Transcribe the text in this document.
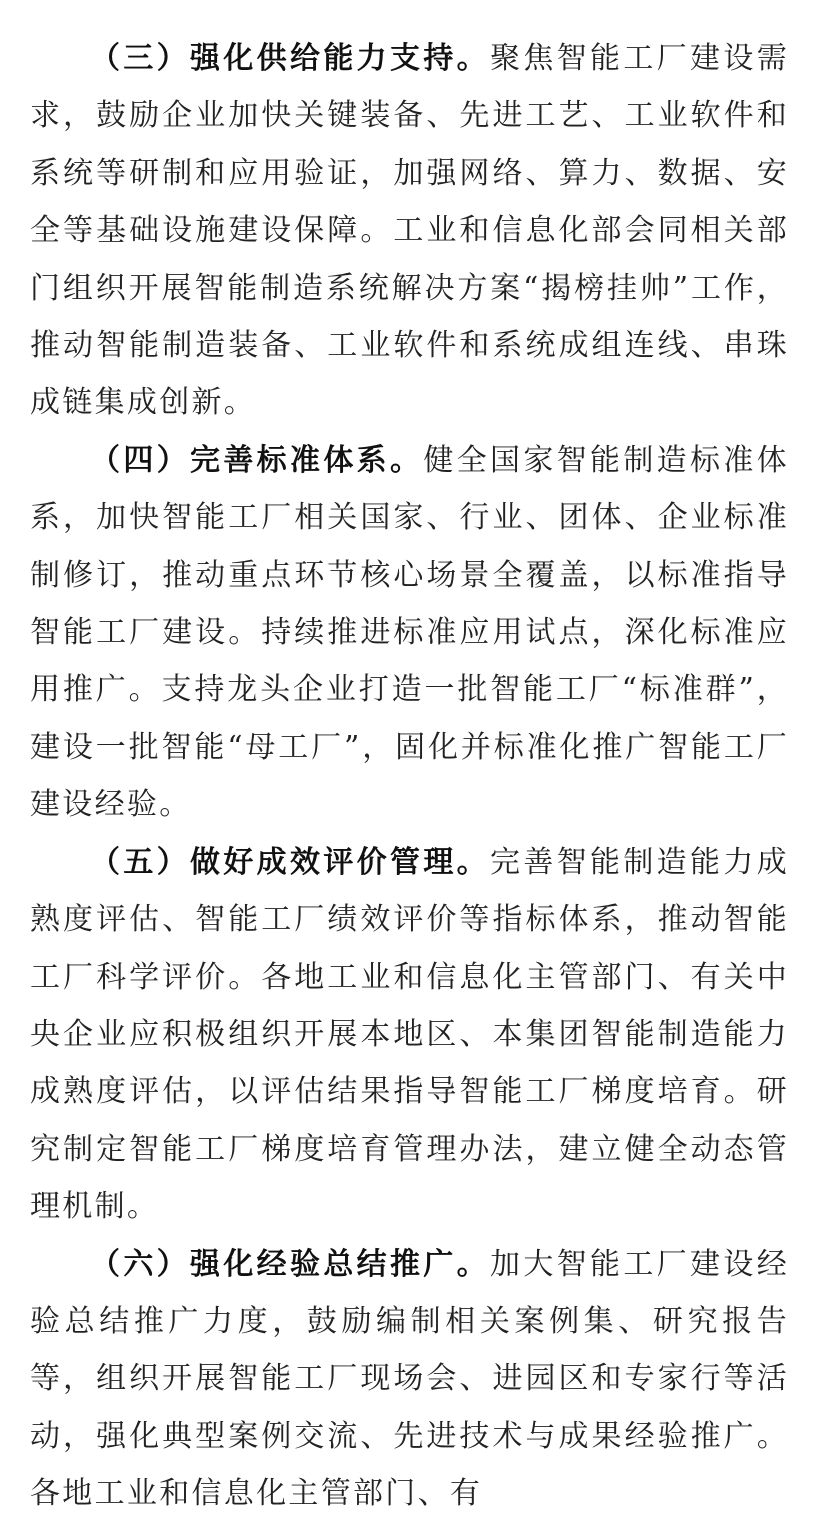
（三）强化供给能力支持。聚焦智能工厂建设需求，鼓励企业加快关键装备、先进工艺、工业软件和系统等研制和应用验证，加强网络、算力、数据、安全等基础设施建设保障。工业和信息化部会同相关部门组织开展智能制造系统解决方案“揭榜挂帅”工作，推动智能制造装备、工业软件和系统成组连线、串珠成链集成创新。

（四）完善标准体系。健全国家智能制造标准体系，加快智能工厂相关国家、行业、团体、企业标准制修订，推动重点环节核心场景全覆盖，以标准指导智能工厂建设。持续推进标准应用试点，深化标准应用推广。支持龙头企业打造一批智能工厂“标准群”，建设一批智能“母工厂”，固化并标准化推广智能工厂建设经验。

（五）做好成效评价管理。完善智能制造能力成熟度评估、智能工厂绩效评价等指标体系，推动智能工厂科学评价。各地工业和信息化主管部门、有关中央企业应积极组织开展本地区、本集团智能制造能力成熟度评估，以评估结果指导智能工厂梯度培育。研究制定智能工厂梯度培育管理办法，建立健全动态管理机制。

（六）强化经验总结推广。加大智能工厂建设经验总结推广力度，鼓励编制相关案例集、研究报告等，组织开展智能工厂现场会、进园区和专家行等活动，强化典型案例交流、先进技术与成果经验推广。各地工业和信息化主管部门、有
